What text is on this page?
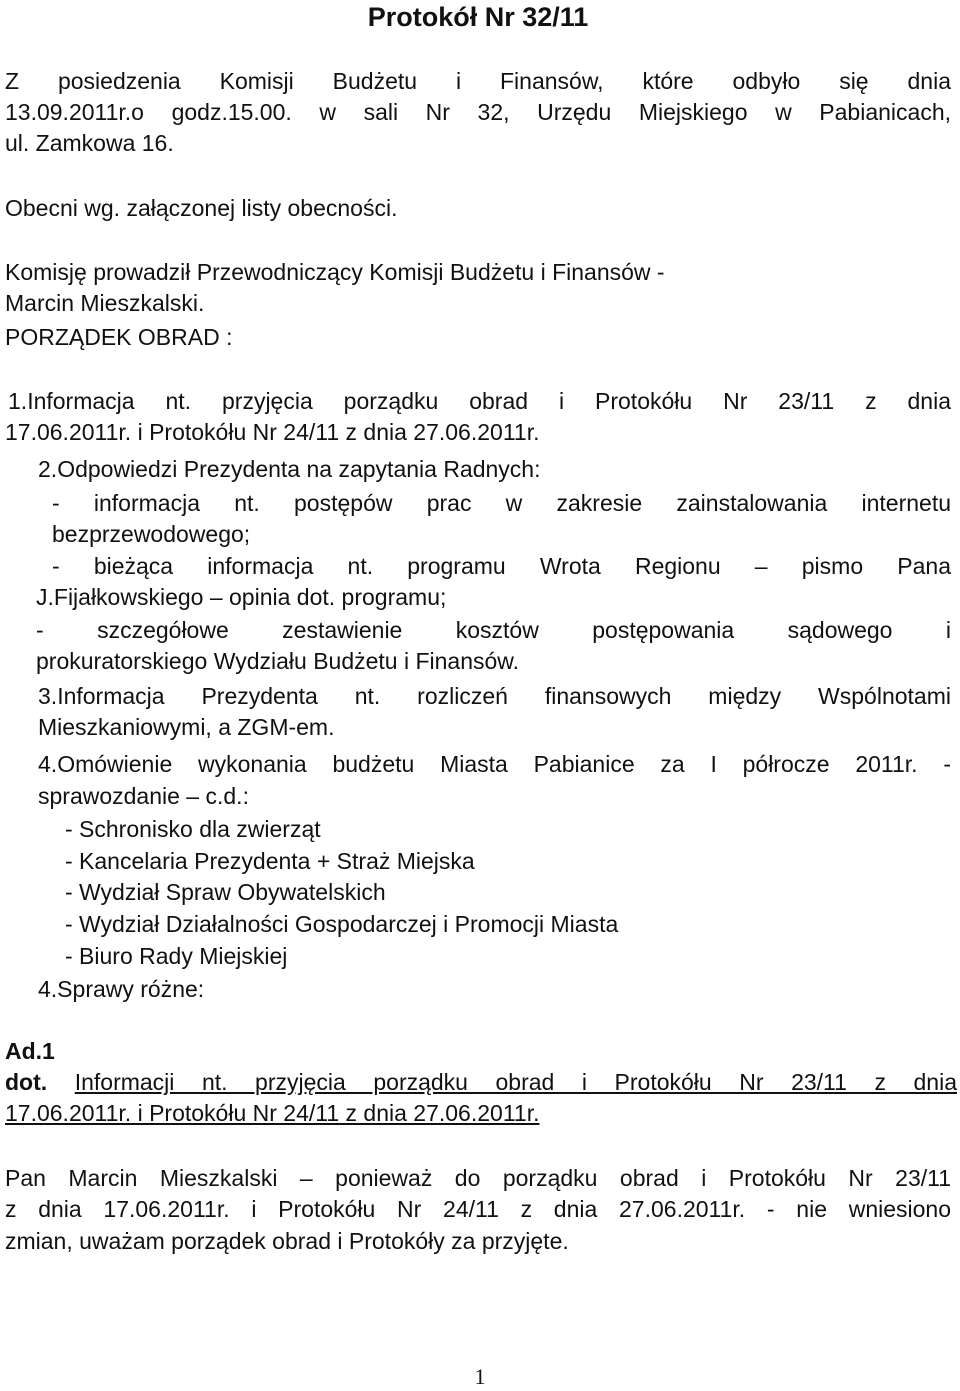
Protokół Nr 32/11
Z posiedzenia Komisji Budżetu i Finansów, które odbyło się dnia
13.09.2011r.o godz.15.00. w sali Nr 32, Urzędu Miejskiego w Pabianicach,
ul. Zamkowa 16.
Obecni wg. załączonej listy obecności.
Komisję prowadził Przewodniczący Komisji Budżetu i Finansów -
Marcin Mieszkalski.
PORZĄDEK OBRAD :

1.Informacja nt. przyjęcia porządku obrad i Protokółu Nr 23/11 z dnia
17.06.2011r. i Protokółu Nr 24/11 z dnia 27.06.2011r.
2.Odpowiedzi Prezydenta na zapytania Radnych:
- informacja nt. postępów prac w zakresie zainstalowania internetu
bezprzewodowego;
- bieżąca informacja nt. programu Wrota Regionu – pismo Pana
J.Fijałkowskiego – opinia dot. programu;
- szczegółowe zestawienie kosztów postępowania sądowego i
prokuratorskiego Wydziału Budżetu i Finansów.
3.Informacja Prezydenta nt. rozliczeń finansowych między Wspólnotami
Mieszkaniowymi, a ZGM-em.
4.Omówienie wykonania budżetu Miasta Pabianice za I półrocze 2011r. -
sprawozdanie – c.d.:
- Schronisko dla zwierząt
- Kancelaria Prezydenta + Straż Miejska
- Wydział Spraw Obywatelskich
- Wydział Działalności Gospodarczej i Promocji Miasta
- Biuro Rady Miejskiej
4.Sprawy różne:
Ad.1
dot. Informacji nt. przyjęcia porządku obrad i Protokółu Nr 23/11 z dnia
17.06.2011r. i Protokółu Nr 24/11 z dnia 27.06.2011r.
Pan Marcin Mieszkalski – ponieważ do porządku obrad i Protokółu Nr 23/11
z dnia 17.06.2011r. i Protokółu Nr 24/11 z dnia 27.06.2011r. - nie wniesiono
zmian, uważam porządek obrad i Protokóły za przyjęte.
1
